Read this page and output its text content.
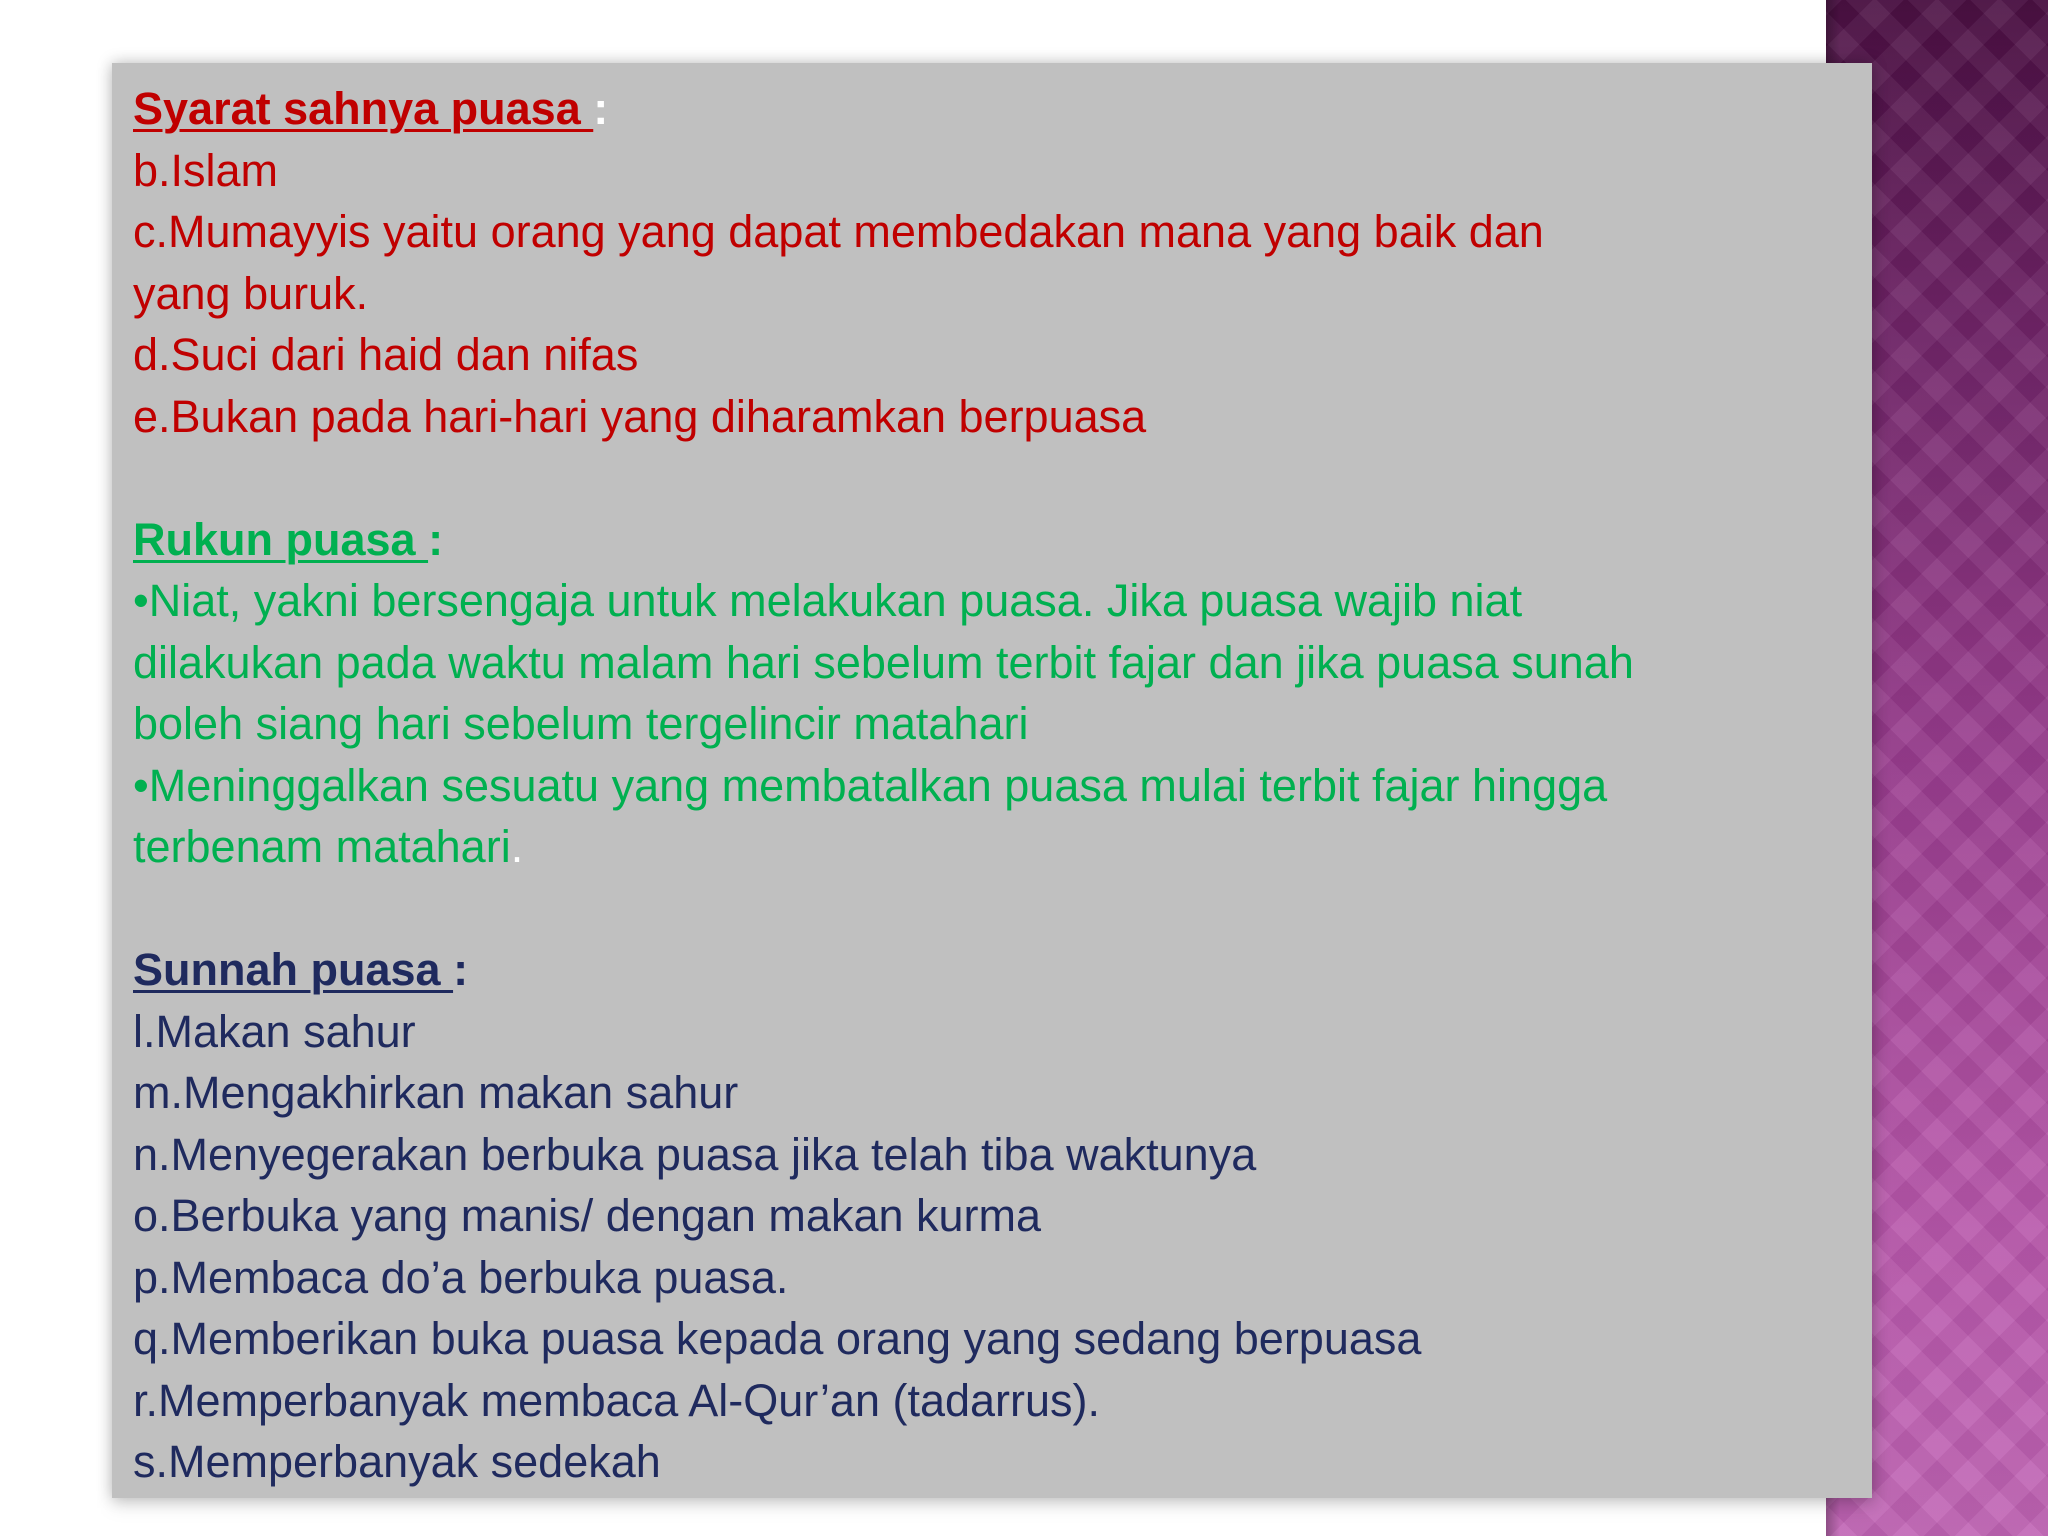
Syarat sahnya puasa :
b.Islam
c.Mumayyis yaitu orang yang dapat membedakan mana yang baik dan
yang buruk.
d.Suci dari haid dan nifas
e.Bukan pada hari-hari yang diharamkan berpuasa
Rukun puasa :
•Niat, yakni bersengaja untuk melakukan puasa. Jika puasa wajib niat
dilakukan pada waktu malam hari sebelum terbit fajar dan jika puasa sunah
boleh siang hari sebelum tergelincir matahari
•Meninggalkan sesuatu yang membatalkan puasa mulai terbit fajar hingga
terbenam matahari.
Sunnah puasa :
l.Makan sahur
m.Mengakhirkan makan sahur
n.Menyegerakan berbuka puasa jika telah tiba waktunya
o.Berbuka yang manis/ dengan makan kurma
p.Membaca do’a berbuka puasa.
q.Memberikan buka puasa kepada orang yang sedang berpuasa
r.Memperbanyak membaca Al-Qur’an (tadarrus).
s.Memperbanyak sedekah
